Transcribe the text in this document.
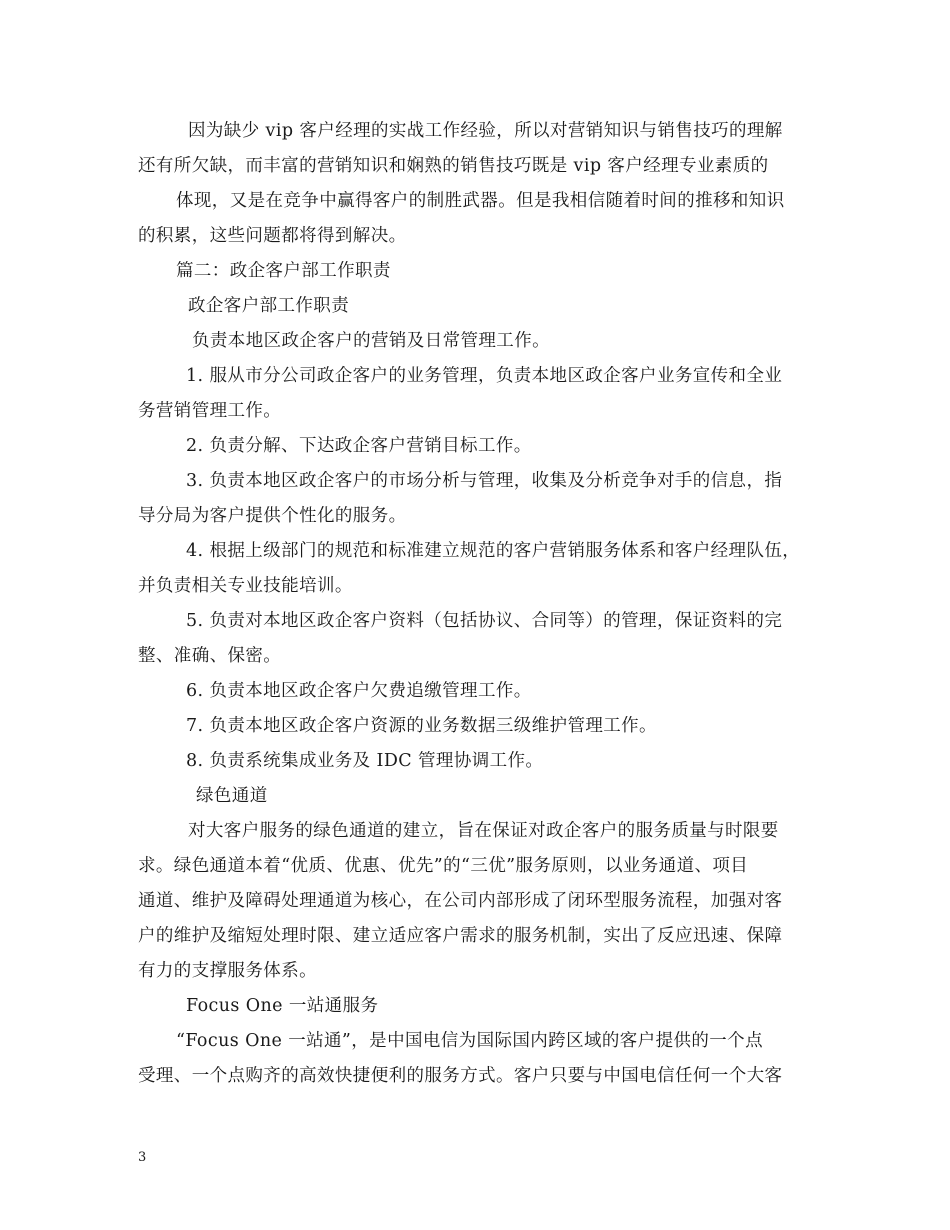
因为缺少 vip 客户经理的实战工作经验，所以对营销知识与销售技巧的理解
还有所欠缺，而丰富的营销知识和娴熟的销售技巧既是 vip 客户经理专业素质的
体现，又是在竞争中赢得客户的制胜武器。但是我相信随着时间的推移和知识
的积累，这些问题都将得到解决。
篇二：政企客户部工作职责
政企客户部工作职责
负责本地区政企客户的营销及日常管理工作。
1. 服从市分公司政企客户的业务管理，负责本地区政企客户业务宣传和全业
务营销管理工作。
2. 负责分解、下达政企客户营销目标工作。
3. 负责本地区政企客户的市场分析与管理，收集及分析竞争对手的信息，指
导分局为客户提供个性化的服务。
4. 根据上级部门的规范和标准建立规范的客户营销服务体系和客户经理队伍，
并负责相关专业技能培训。
5. 负责对本地区政企客户资料（包括协议、合同等）的管理，保证资料的完
整、准确、保密。
6. 负责本地区政企客户欠费追缴管理工作。
7. 负责本地区政企客户资源的业务数据三级维护管理工作。
8. 负责系统集成业务及 IDC 管理协调工作。
绿色通道
对大客户服务的绿色通道的建立，旨在保证对政企客户的服务质量与时限要
求。绿色通道本着“优质、优惠、优先”的“三优”服务原则，以业务通道、项目
通道、维护及障碍处理通道为核心，在公司内部形成了闭环型服务流程，加强对客
户的维护及缩短处理时限、建立适应客户需求的服务机制，实出了反应迅速、保障
有力的支撑服务体系。
Focus One 一站通服务
“Focus One 一站通”，是中国电信为国际国内跨区域的客户提供的一个点
受理、一个点购齐的高效快捷便利的服务方式。客户只要与中国电信任何一个大客
3
